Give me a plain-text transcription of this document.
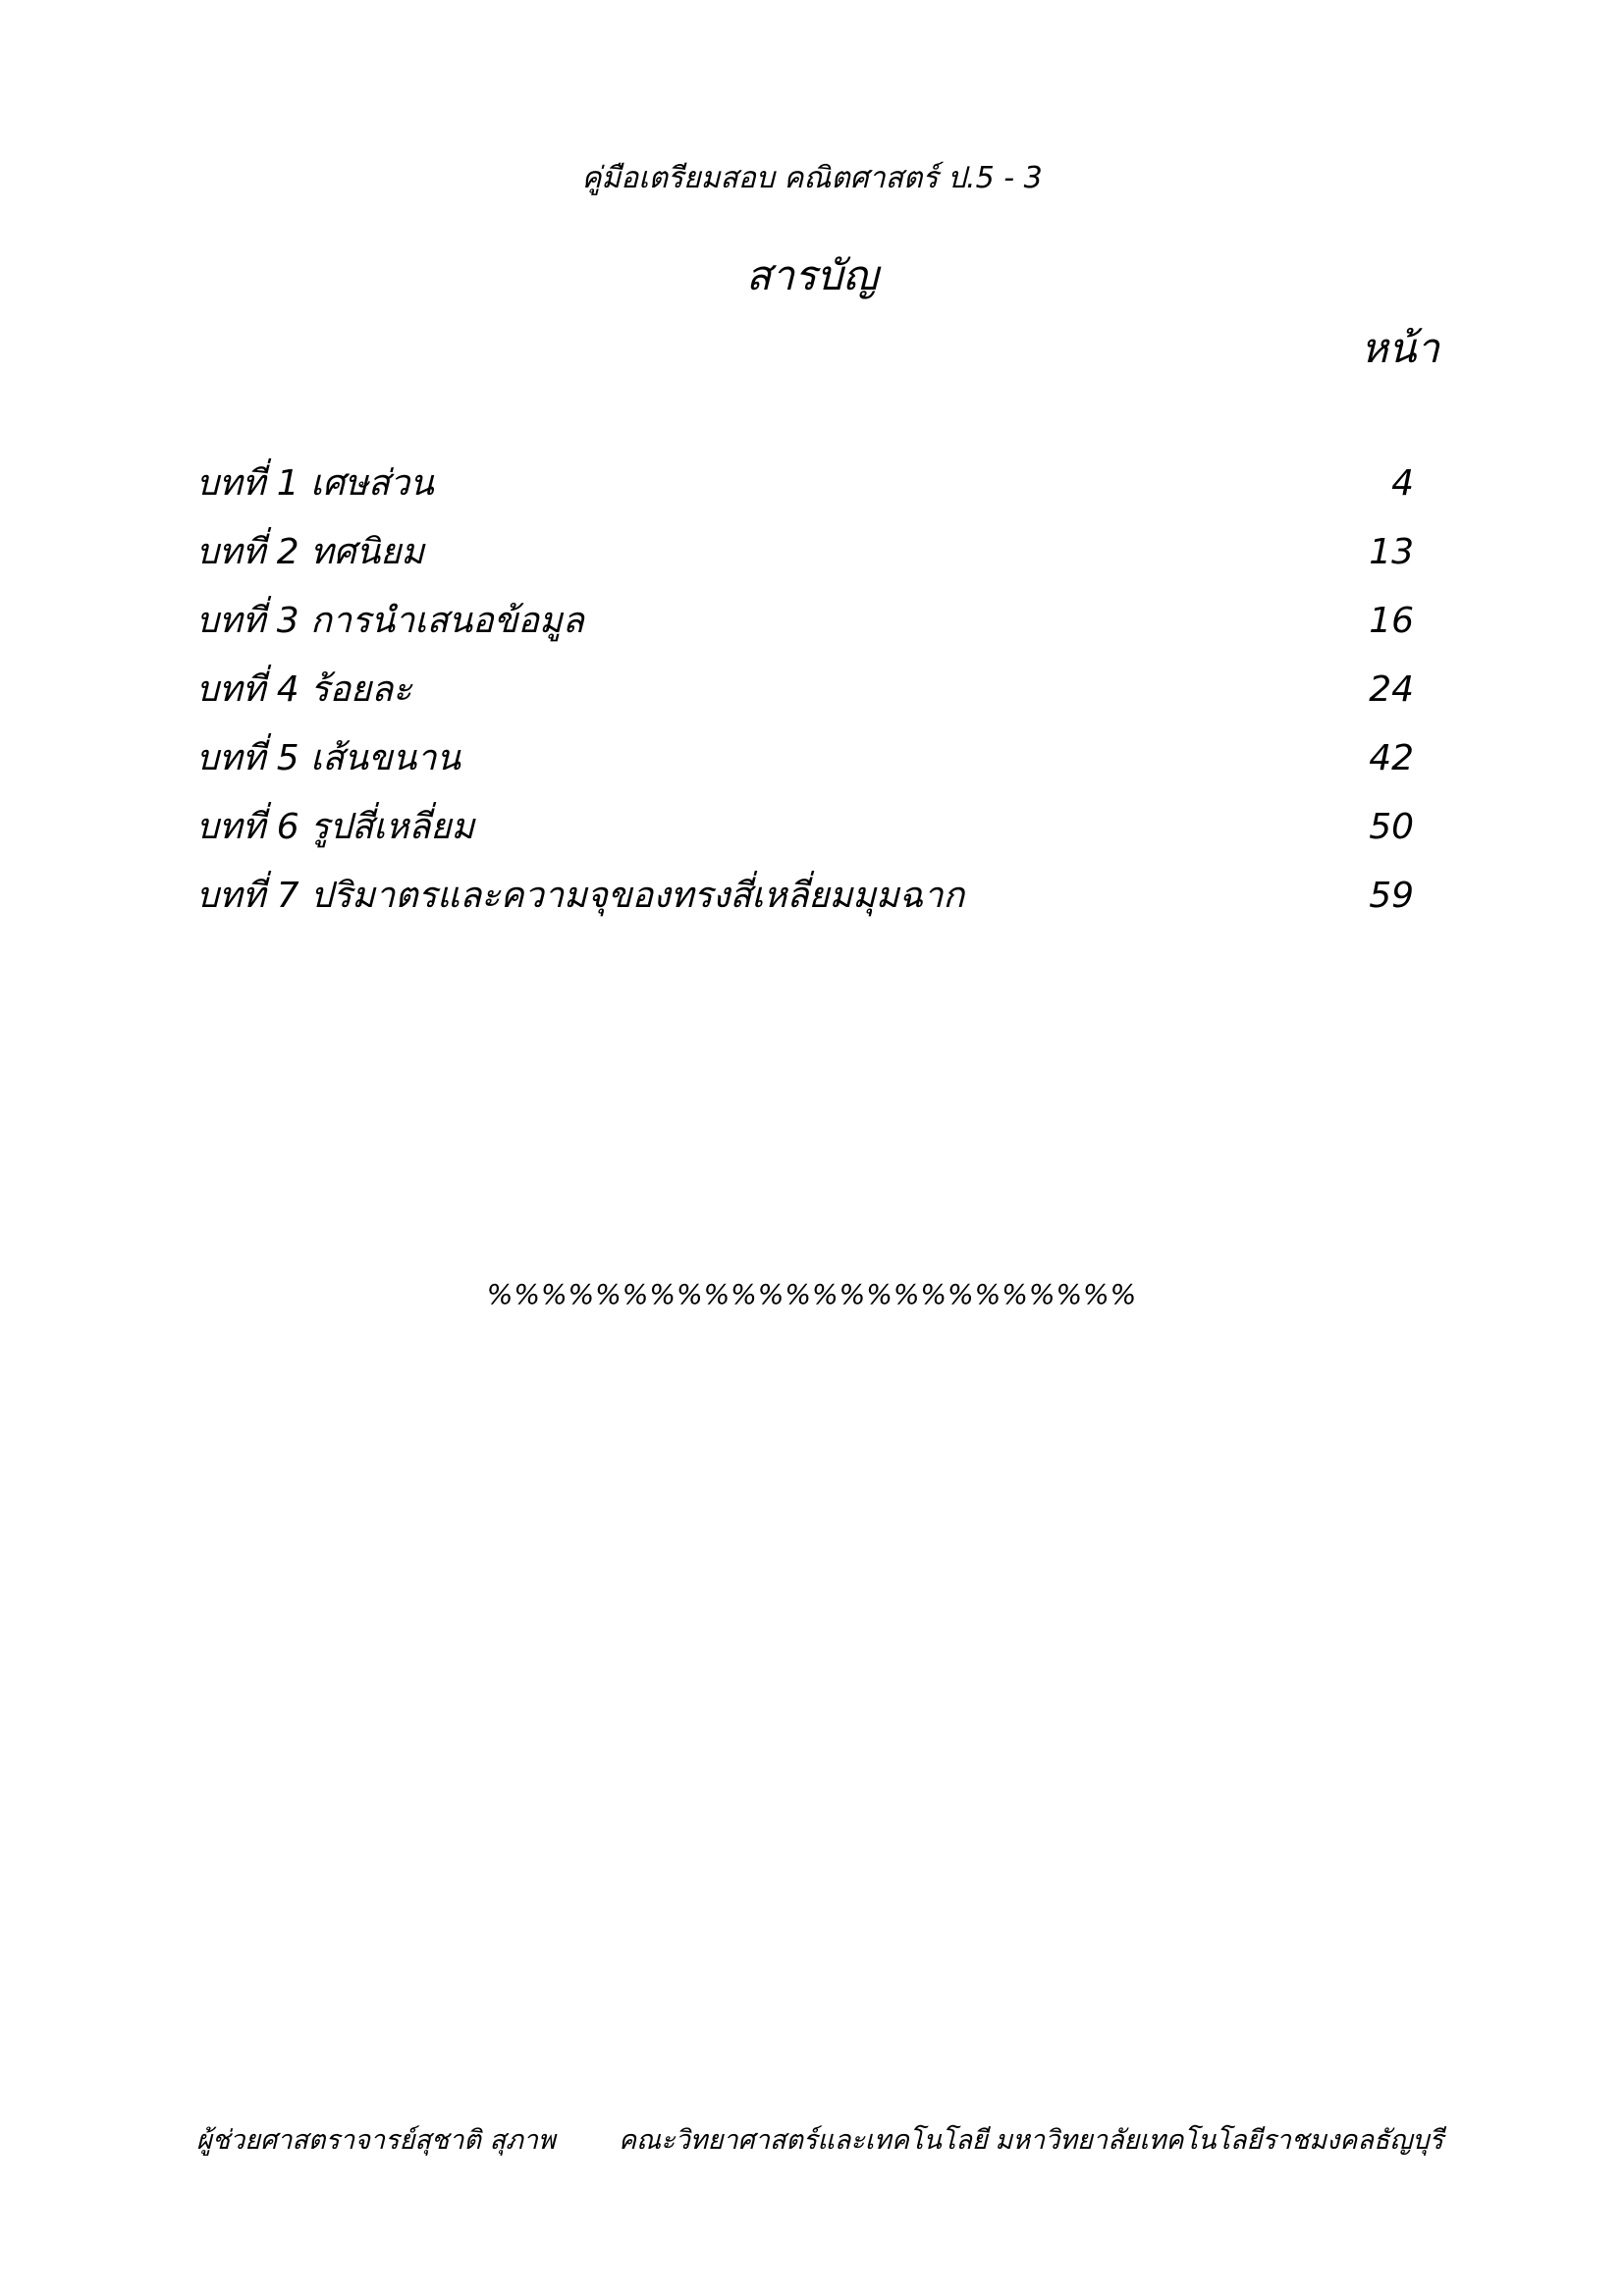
คู่มือเตรียมสอบ คณิตศาสตร์ ป.5 - 3
สารบัญ
หน้า
บทที่ 1 เศษส่วน	4
บทที่ 2 ทศนิยม	13
บทที่ 3 การนำเสนอข้อมูล	16
บทที่ 4 ร้อยละ	24
บทที่ 5 เส้นขนาน	42
บทที่ 6 รูปสี่เหลี่ยม	50
บทที่ 7 ปริมาตรและความจุของทรงสี่เหลี่ยมมุมฉาก	59
%%%%%%%%%%%%%%%%%%%%%%%%
ผู้ช่วยศาสตราจารย์สุชาติ สุภาพ คณะวิทยาศาสตร์และเทคโนโลยี มหาวิทยาลัยเทคโนโลยีราชมงคลธัญบุรี
